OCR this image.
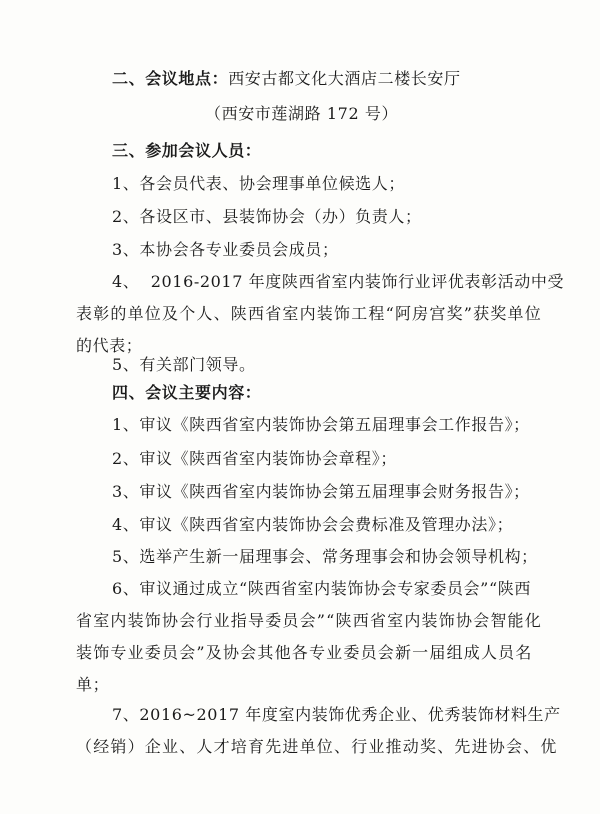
二、会议地点：西安古都文化大酒店二楼长安厅
（西安市莲湖路 172 号）
三、参加会议人员：
1、各会员代表、协会理事单位候选人；
2、各设区市、县装饰协会（办）负责人；
3、本协会各专业委员会成员；
4、  2016-2017 年度陕西省室内装饰行业评优表彰活动中受
表彰的单位及个人、陕西省室内装饰工程“阿房宫奖”获奖单位
的代表；
5、有关部门领导。
四、会议主要内容：
1、审议《陕西省室内装饰协会第五届理事会工作报告》；
2、审议《陕西省室内装饰协会章程》；
3、审议《陕西省室内装饰协会第五届理事会财务报告》；
4、审议《陕西省室内装饰协会会费标准及管理办法》；
5、选举产生新一届理事会、常务理事会和协会领导机构；
6、审议通过成立“陕西省室内装饰协会专家委员会”“陕西
省室内装饰协会行业指导委员会”“陕西省室内装饰协会智能化
装饰专业委员会”及协会其他各专业委员会新一届组成人员名
单；
7、2016~2017 年度室内装饰优秀企业、优秀装饰材料生产
（经销）企业、人才培育先进单位、行业推动奖、先进协会、优
